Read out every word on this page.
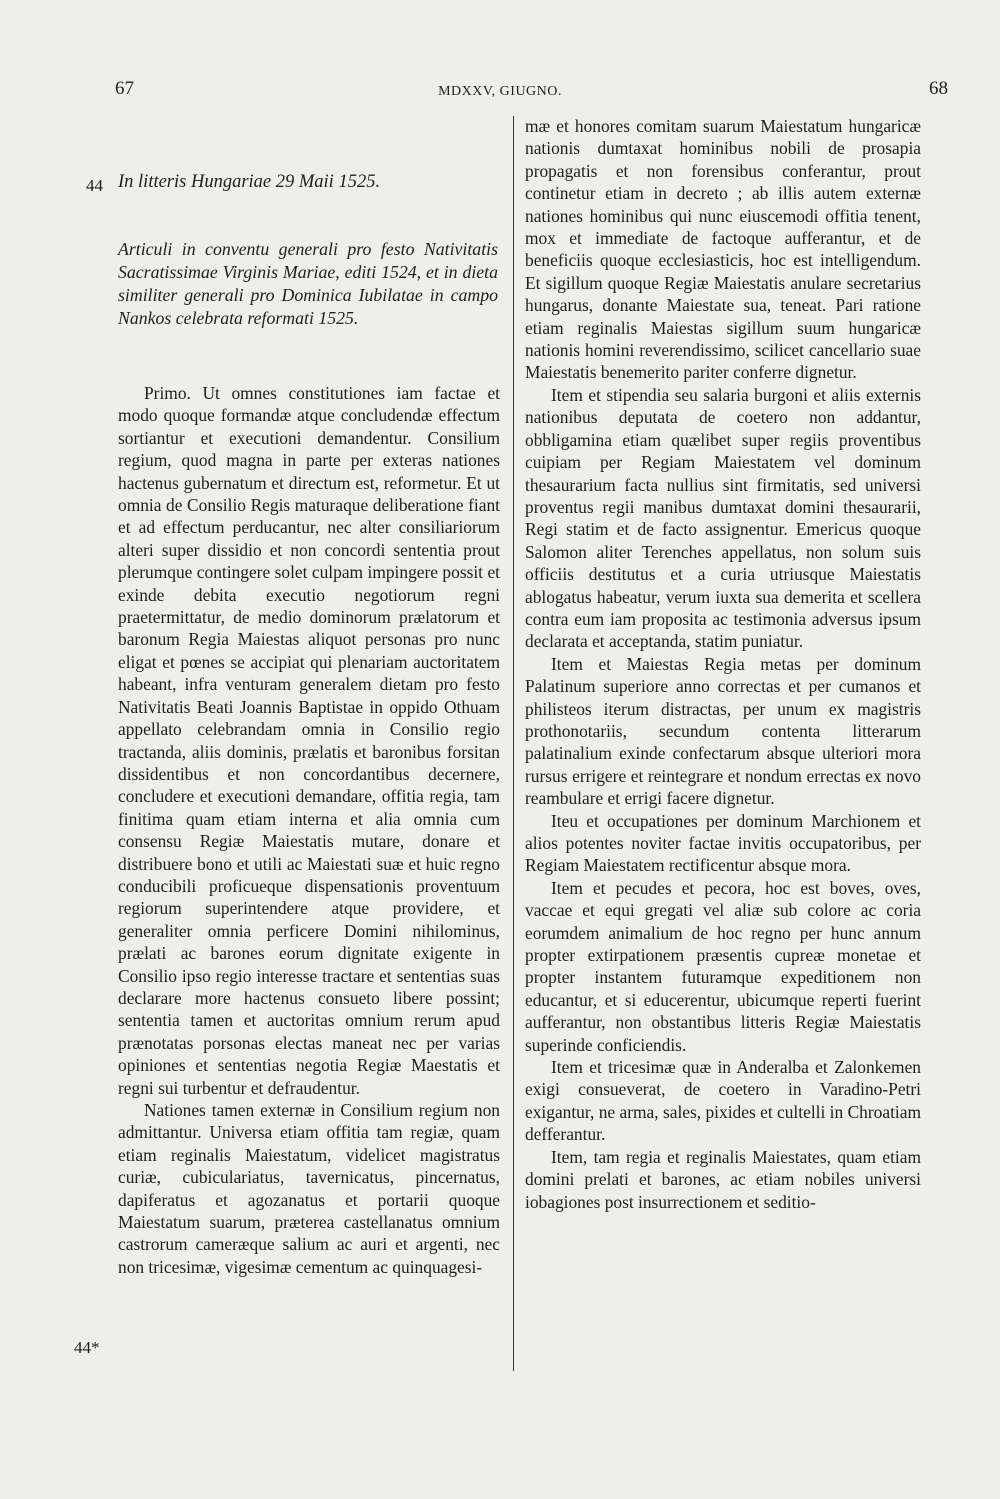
67	MDXXV, GIUGNO.	68
44
44*
In litteris Hungariae 29 Maii 1525.
Articuli in conventu generali pro festo Nativitatis Sacratissimae Virginis Mariae, editi 1524, et in dieta similiter generali pro Dominica Iubilatae in campo Nankos celebrata reformati 1525.

Primo. Ut omnes constitutiones iam factae et modo quoque formandæ atque concludendæ effectum sortiantur et executioni demandentur. Consilium regium, quod magna in parte per exteras nationes hactenus gubernatum et directum est, reformetur. Et ut omnia de Consilio Regis maturaque deliberatione fiant et ad effectum perducantur, nec alter consiliariorum alteri super dissidio et non concordi sententia prout plerumque contingere solet culpam impingere possit et exinde debita executio negotiorum regni praetermittatur, de medio dominorum prælatorum et baronum Regia Maiestas aliquot personas pro nunc eligat et pœnes se accipiat qui plenariam auctoritatem habeant, infra venturam generalem dietam pro festo Nativitatis Beati Joannis Baptistae in oppido Othuam appellato celebrandam omnia in Consilio regio tractanda, aliis dominis, prælatis et baronibus forsitan dissidentibus et non concordantibus decernere, concludere et executioni demandare, offitia regia, tam finitima quam etiam interna et alia omnia cum consensu Regiæ Maiestatis mutare, donare et distribuere bono et utili ac Maiestati suæ et huic regno conducibili proficueque dispensationis proventuum regiorum superintendere atque providere, et generaliter omnia perficere Domini nihilominus, prælati ac barones eorum dignitate exigente in Consilio ipso regio interesse tractare et sententias suas declarare more hactenus consueto libere possint; sententia tamen et auctoritas omnium rerum apud prænotatas porsonas electas maneat nec per varias opiniones et sententias negotia Regiæ Maestatis et regni sui turbentur et defraudentur.

Nationes tamen externæ in Consilium regium non admittantur. Universa etiam offitia tam regiæ, quam etiam reginalis Maiestatum, videlicet magistratus curiæ, cubiculariatus, tavernicatus, pincernatus, dapiferatus et agozanatus et portarii quoque Maiestatum suarum, præterea castellanatus omnium castrorum cameræque salium ac auri et argenti, nec non tricesimæ, vigesimæ cementum ac quinquagesi-

mæ et honores comitam suarum Maiestatum hungaricæ nationis dumtaxat hominibus nobili de prosapia propagatis et non forensibus conferantur, prout continetur etiam in decreto ; ab illis autem externæ nationes hominibus qui nunc eiuscemodi offitia tenent, mox et immediate de factoque aufferantur, et de beneficiis quoque ecclesiasticis, hoc est intelligendum. Et sigillum quoque Regiæ Maiestatis anulare secretarius hungarus, donante Maiestate sua, teneat. Pari ratione etiam reginalis Maiestas sigillum suum hungaricæ nationis homini reverendissimo, scilicet cancellario suae Maiestatis benemerito pariter conferre dignetur.

Item et stipendia seu salaria burgoni et aliis externis nationibus deputata de coetero non addantur, obbligamina etiam quælibet super regiis proventibus cuipiam per Regiam Maiestatem vel dominum thesaurarium facta nullius sint firmitatis, sed universi proventus regii manibus dumtaxat domini thesaurarii, Regi statim et de facto assignentur. Emericus quoque Salomon aliter Terenches appellatus, non solum suis officiis destitutus et a curia utriusque Maiestatis ablogatus habeatur, verum iuxta sua demerita et scellera contra eum iam proposita ac testimonia adversus ipsum declarata et acceptanda, statim puniatur.

Item et Maiestas Regia metas per dominum Palatinum superiore anno correctas et per cumanos et philisteos iterum distractas, per unum ex magistris prothonotariis, secundum contenta litterarum palatinalium exinde confectarum absque ulteriori mora rursus errigere et reintegrare et nondum errectas ex novo reambulare et errigi facere dignetur.

Iteu et occupationes per dominum Marchionem et alios potentes noviter factae invitis occupatoribus, per Regiam Maiestatem rectificentur absque mora.

Item et pecudes et pecora, hoc est boves, oves, vaccae et equi gregati vel aliæ sub colore ac coria eorumdem animalium de hoc regno per hunc annum propter extirpationem præsentis cupreæ monetae et propter instantem futuramque expeditionem non educantur, et si educerentur, ubicumque reperti fuerint aufferantur, non obstantibus litteris Regiæ Maiestatis superinde conficiendis.

Item et tricesimæ quæ in Anderalba et Zalonkemen exigi consueverat, de coetero in Varadino-Petri exigantur, ne arma, sales, pixides et cultelli in Chroatiam defferantur.

Item, tam regia et reginalis Maiestates, quam etiam domini prelati et barones, ac etiam nobiles universi iobagiones post insurrectionem et seditio-
